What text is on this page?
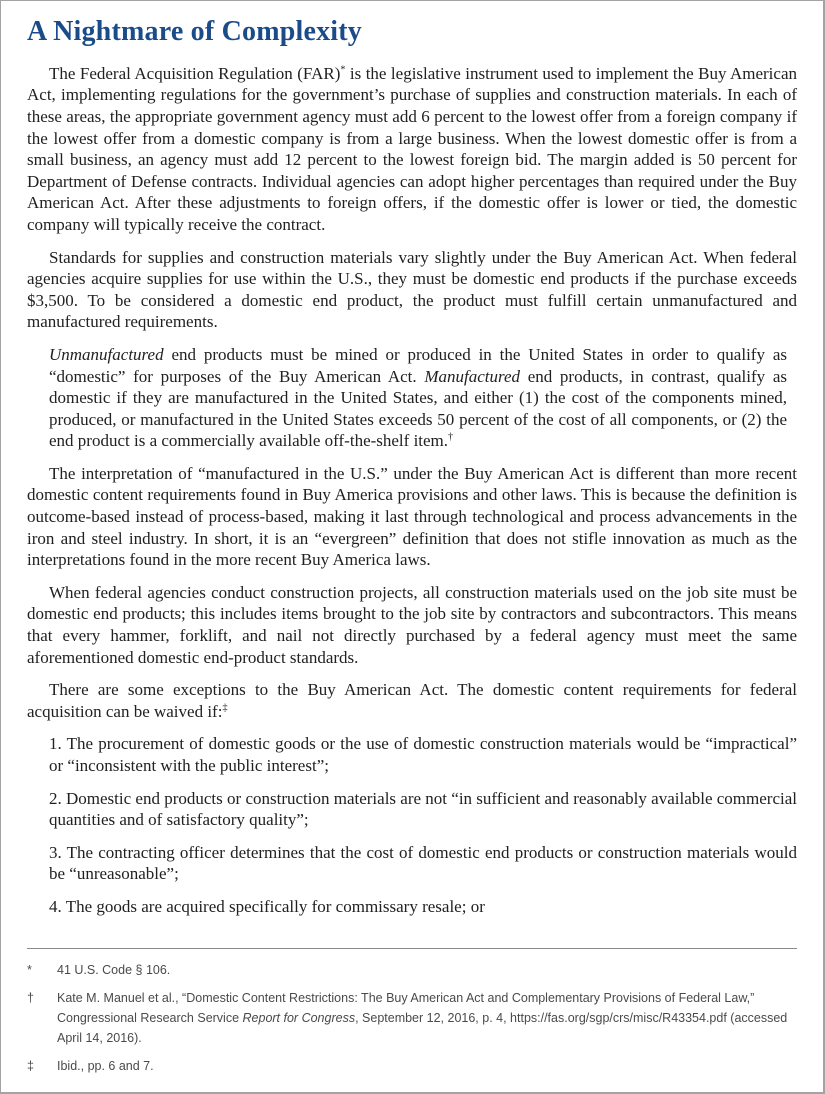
A Nightmare of Complexity

The Federal Acquisition Regulation (FAR)* is the legislative instrument used to implement the Buy American Act, implementing regulations for the government’s purchase of supplies and construction materials. In each of these areas, the appropriate government agency must add 6 percent to the lowest offer from a foreign company if the lowest offer from a domestic company is from a large business. When the lowest domestic offer is from a small business, an agency must add 12 percent to the lowest foreign bid. The margin added is 50 percent for Department of Defense contracts. Individual agencies can adopt higher percentages than required under the Buy American Act. After these adjustments to foreign offers, if the domestic offer is lower or tied, the domestic company will typically receive the contract.

Standards for supplies and construction materials vary slightly under the Buy American Act. When federal agencies acquire supplies for use within the U.S., they must be domestic end products if the purchase exceeds $3,500. To be considered a domestic end product, the product must fulfill certain unmanufactured and manufactured requirements.

Unmanufactured end products must be mined or produced in the United States in order to qualify as “domestic” for purposes of the Buy American Act. Manufactured end products, in contrast, qualify as domestic if they are manufactured in the United States, and either (1) the cost of the components mined, produced, or manufactured in the United States exceeds 50 percent of the cost of all components, or (2) the end product is a commercially available off-the-shelf item.†

The interpretation of “manufactured in the U.S.” under the Buy American Act is different than more recent domestic content requirements found in Buy America provisions and other laws. This is because the definition is outcome-based instead of process-based, making it last through technological and process advancements in the iron and steel industry. In short, it is an “evergreen” definition that does not stifle innovation as much as the interpretations found in the more recent Buy America laws.

When federal agencies conduct construction projects, all construction materials used on the job site must be domestic end products; this includes items brought to the job site by contractors and subcontractors. This means that every hammer, forklift, and nail not directly purchased by a federal agency must meet the same aforementioned domestic end-product standards.

There are some exceptions to the Buy American Act. The domestic content requirements for federal acquisition can be waived if:‡

1. The procurement of domestic goods or the use of domestic construction materials would be “impractical” or “inconsistent with the public interest”;

2. Domestic end products or construction materials are not “in sufficient and reasonably available commercial quantities and of satisfactory quality”;

3. The contracting officer determines that the cost of domestic end products or construction materials would be “unreasonable”;

4. The goods are acquired specifically for commissary resale; or

*	41 U.S. Code § 106.
†	Kate M. Manuel et al., “Domestic Content Restrictions: The Buy American Act and Complementary Provisions of Federal Law,” Congressional Research Service Report for Congress, September 12, 2016, p. 4, https://fas.org/sgp/crs/misc/R43354.pdf (accessed April 14, 2016).
‡	Ibid., pp. 6 and 7.
